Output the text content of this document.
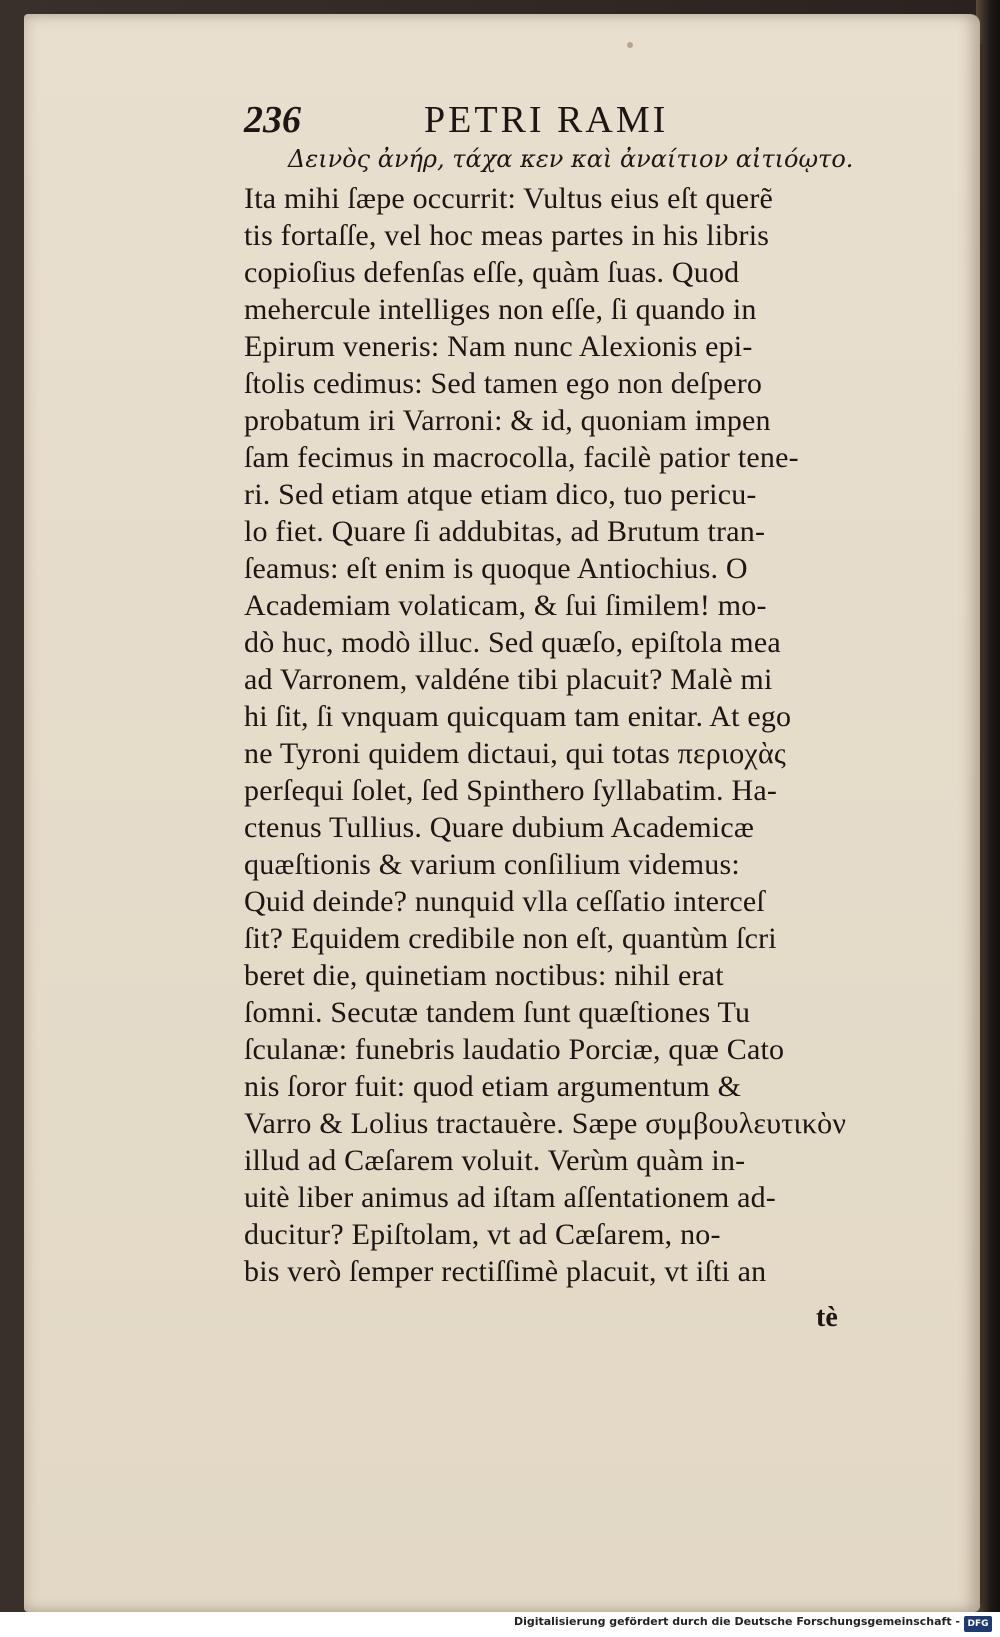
236	PETRI RAMI
Δεινὸς ἀνήρ, τάχα κεν καὶ ἀναίτιον αἰτιόῳτο.
Ita mihi ſæpe occurrit: Vultus eius eſt querẽ
tis fortaſſe, vel hoc meas partes in his libris
copioſius defenſas eſſe, quàm ſuas. Quod
mehercule intelliges non eſſe, ſi quando in
Epirum veneris: Nam nunc Alexionis epi-
ſtolis cedimus: Sed tamen ego non deſpero
probatum iri Varroni: & id, quoniam impen
ſam fecimus in macrocolla, facilè patior tene-
ri. Sed etiam atque etiam dico, tuo pericu-
lo fiet. Quare ſi addubitas, ad Brutum tran-
ſeamus: eſt enim is quoque Antiochius. O
Academiam volaticam, & ſui ſimilem! mo-
dò huc, modò illuc. Sed quæſo, epiſtola mea
ad Varronem, valdéne tibi placuit? Malè mi
hi ſit, ſi vnquam quicquam tam enitar. At ego
ne Tyroni quidem dictaui, qui totas περιοχὰς
perſequi ſolet, ſed Spinthero ſyllabatim. Ha-
ctenus Tullius. Quare dubium Academicæ
quæſtionis & varium conſilium videmus:
Quid deinde? nunquid vlla ceſſatio interceſ
ſit? Equidem credibile non eſt, quantùm ſcri
beret die, quinetiam noctibus: nihil erat
ſomni. Secutæ tandem ſunt quæſtiones Tu
ſculanæ: funebris laudatio Porciæ, quæ Cato
nis ſoror fuit: quod etiam argumentum &
Varro & Lolius tractauère. Sæpe συμβουλευτικὸν
illud ad Cæſarem voluit. Verùm quàm in-
uitè liber animus ad iſtam aſſentationem ad-
ducitur? Epiſtolam, vt ad Cæſarem, no-
bis verò ſemper rectiſſimè placuit, vt iſti an
tè
Digitalisierung gefördert durch die Deutsche Forschungsgemeinschaft - DFG
